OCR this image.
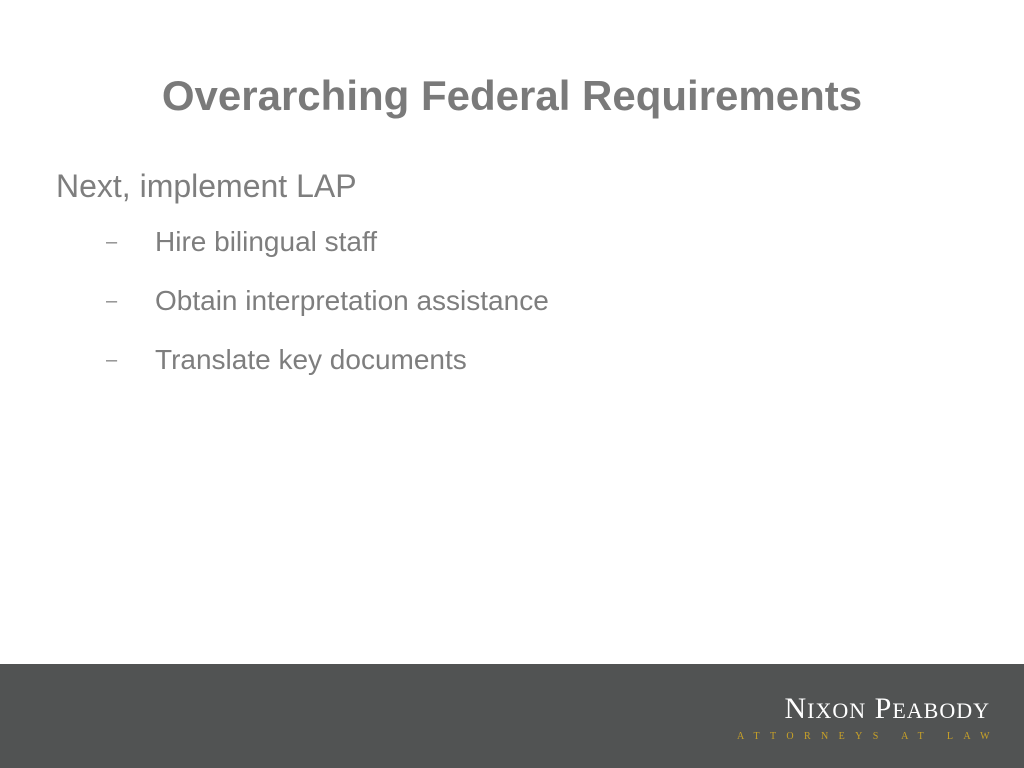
Overarching Federal Requirements

Next, implement LAP

– Hire bilingual staff
– Obtain interpretation assistance
– Translate key documents
NIXON PEABODY
ATTORNEYS AT LAW
